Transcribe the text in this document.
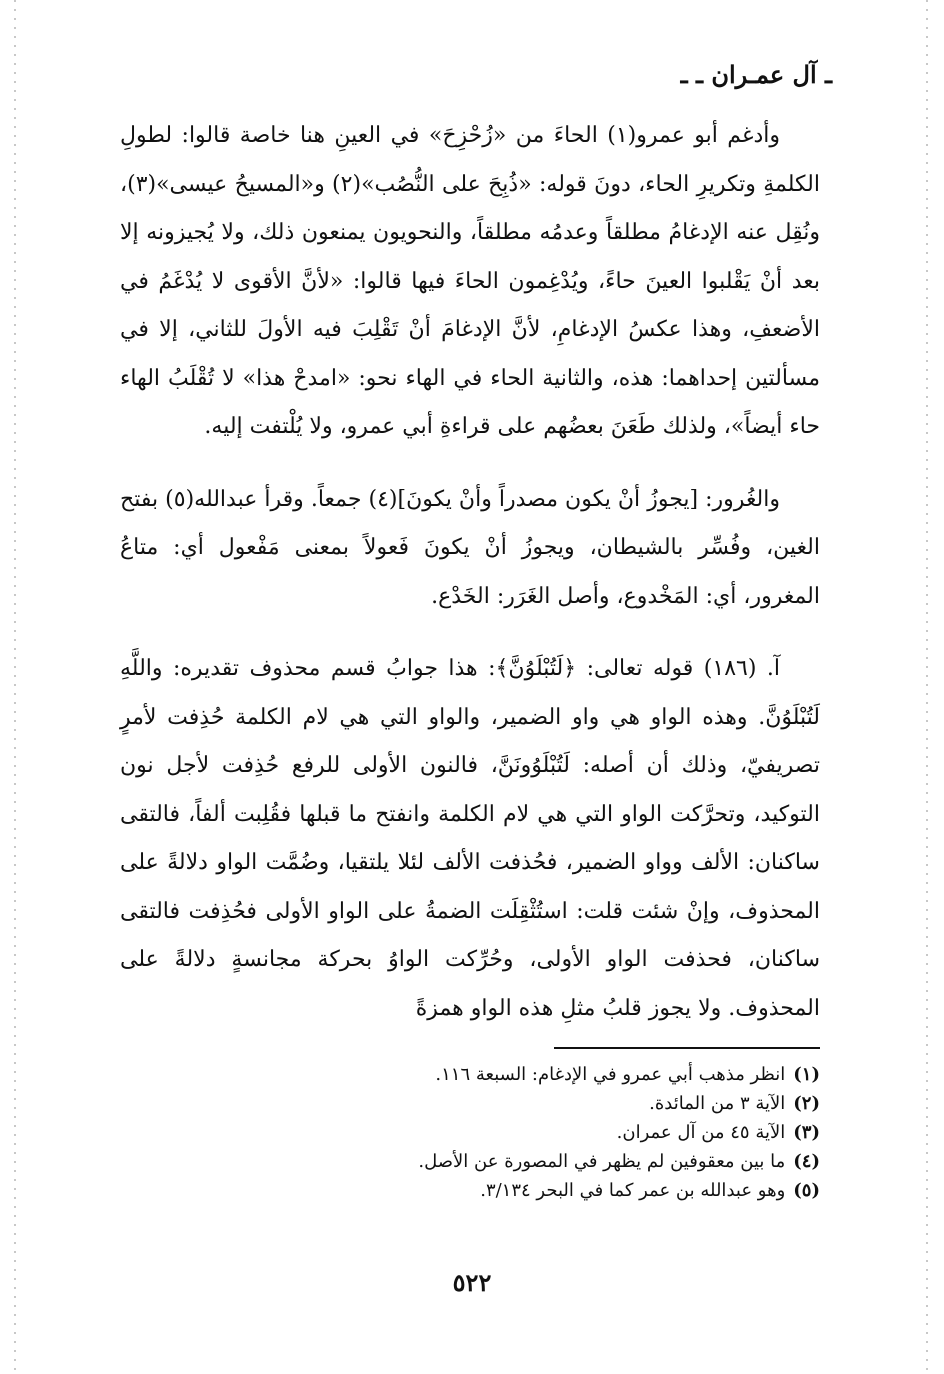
ـ آل عمـران ـ ـ

وأدغم أبو عمرو(١) الحاءَ من «زُحْزِحَ» في العينِ هنا خاصة قالوا: لطولِ الكلمةِ وتكريرِ الحاء، دونَ قوله: «ذُبِحَ على النُّصُب»(٢) و«المسيحُ عيسى»(٣)، ونُقِل عنه الإدغامُ مطلقاً وعدمُه مطلقاً، والنحويون يمنعون ذلك، ولا يُجيزونه إلا بعد أنْ يَقْلبوا العينَ حاءً، ويُدْغِمون الحاءَ فيها قالوا: «لأنَّ الأقوى لا يُدْغَمُ في الأضعفِ، وهذا عكسُ الإدغامِ، لأنَّ الإدغامَ أنْ تَقْلِبَ فيه الأولَ للثاني، إلا في مسألتين إحداهما: هذه، والثانية الحاء في الهاء نحو: «امدحْ هذا» لا تُقْلَبُ الهاء حاء أيضاً»، ولذلك طَعَنَ بعضُهم على قراءةِ أبي عمرو، ولا يُلْتفت إليه.

والغُرور: [يجوزُ أنْ يكون مصدراً وأنْ يكونَ](٤) جمعاً. وقرأ عبدالله(٥) بفتح الغين، وفُسِّر بالشيطان، ويجوزُ أنْ يكونَ فَعولاً بمعنى مَفْعول أي: متاعُ المغرور، أي: المَخْدوع، وأصل الغَرَر: الخَدْع.

آ. (١٨٦) قوله تعالى: ﴿لَتُبْلَوُنَّ﴾: هذا جوابُ قسم محذوف تقديره: واللَّهِ لَتُبْلَوُنَّ. وهذه الواو هي واو الضمير، والواو التي هي لام الكلمة حُذِفت لأمرٍ تصريفيّ، وذلك أن أصله: لَتُبْلَوُونَنَّ، فالنون الأولى للرفع حُذِفت لأجل نون التوكيد، وتحرَّكت الواو التي هي لام الكلمة وانفتح ما قبلها فقُلِبت ألفاً، فالتقى ساكنان: الألف وواو الضمير، فحُذفت الألف لئلا يلتقيا، وضُمَّت الواو دلالةً على المحذوف، وإنْ شئت قلت: استُثْقِلَت الضمةُ على الواو الأولى فحُذِفت فالتقى ساكنان، فحذفت الواو الأولى، وحُرِّكت الواوُ بحركة مجانسةٍ دلالةً على المحذوف. ولا يجوز قلبُ مثلِ هذه الواو همزةً

(١)انظر مذهب أبي عمرو في الإدغام: السبعة ١١٦.
(٢)الآية ٣ من المائدة.
(٣)الآية ٤٥ من آل عمران.
(٤)ما بين معقوفين لم يظهر في المصورة عن الأصل.
(٥)وهو عبدالله بن عمر كما في البحر ٣/١٣٤.
٥٢٢
